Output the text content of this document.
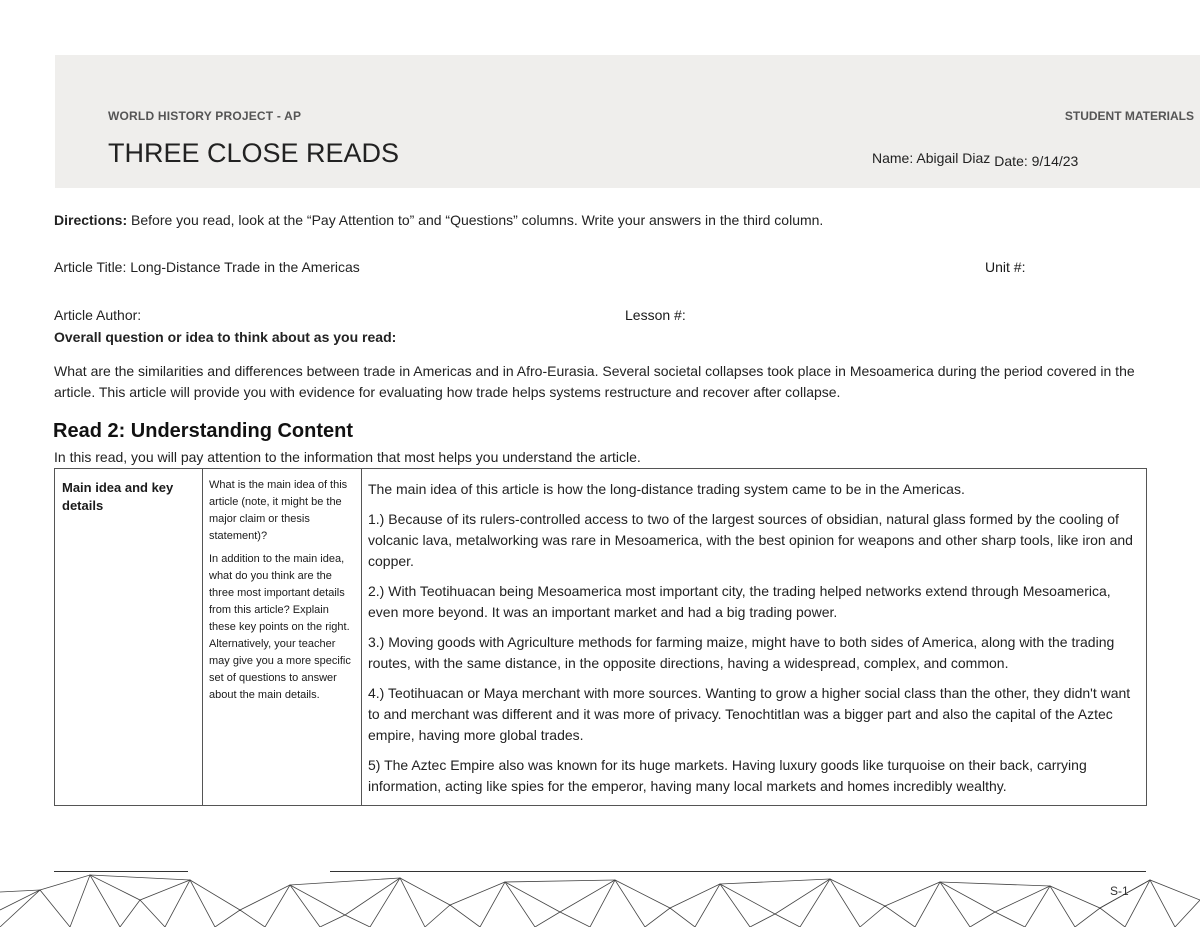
WORLD HISTORY PROJECT - AP	STUDENT MATERIALS
THREE CLOSE READS	Name: Abigail Diaz Date: 9/14/23
Directions: Before you read, look at the “Pay Attention to” and “Questions” columns. Write your answers in the third column.
Article Title: Long-Distance Trade in the Americas	Unit #:
Article Author:	Lesson #:
Overall question or idea to think about as you read:
What are the similarities and differences between trade in Americas and in Afro-Eurasia. Several societal collapses took place in Mesoamerica during the period covered in the article. This article will provide you with evidence for evaluating how trade helps systems restructure and recover after collapse.
Read 2: Understanding Content
In this read, you will pay attention to the information that most helps you understand the article.
Main idea and key details	

What is the main idea of this article (note, it might be the major claim or thesis statement)?

In addition to the main idea, what do you think are the three most important details from this article? Explain these key points on the right. Alternatively, your teacher may give you a more specific set of questions to answer about the main details.

The main idea of this article is how the long-distance trading system came to be in the Americas.

1.) Because of its rulers-controlled access to two of the largest sources of obsidian, natural glass formed by the cooling of volcanic lava, metalworking was rare in Mesoamerica, with the best opinion for weapons and other sharp tools, like iron and copper.

2.) With Teotihuacan being Mesoamerica most important city, the trading helped networks extend through Mesoamerica, even more beyond. It was an important market and had a big trading power.

3.) Moving goods with Agriculture methods for farming maize, might have to both sides of America, along with the trading routes, with the same distance, in the opposite directions, having a widespread, complex, and common.

4.) Teotihuacan or Maya merchant with more sources. Wanting to grow a higher social class than the other, they didn't want to and merchant was different and it was more of privacy. Tenochtitlan was a bigger part and also the capital of the Aztec empire, having more global trades.

5) The Aztec Empire also was known for its huge markets. Having luxury goods like turquoise on their back, carrying information, acting like spies for the emperor, having many local markets and homes incredibly wealthy.

S-1
